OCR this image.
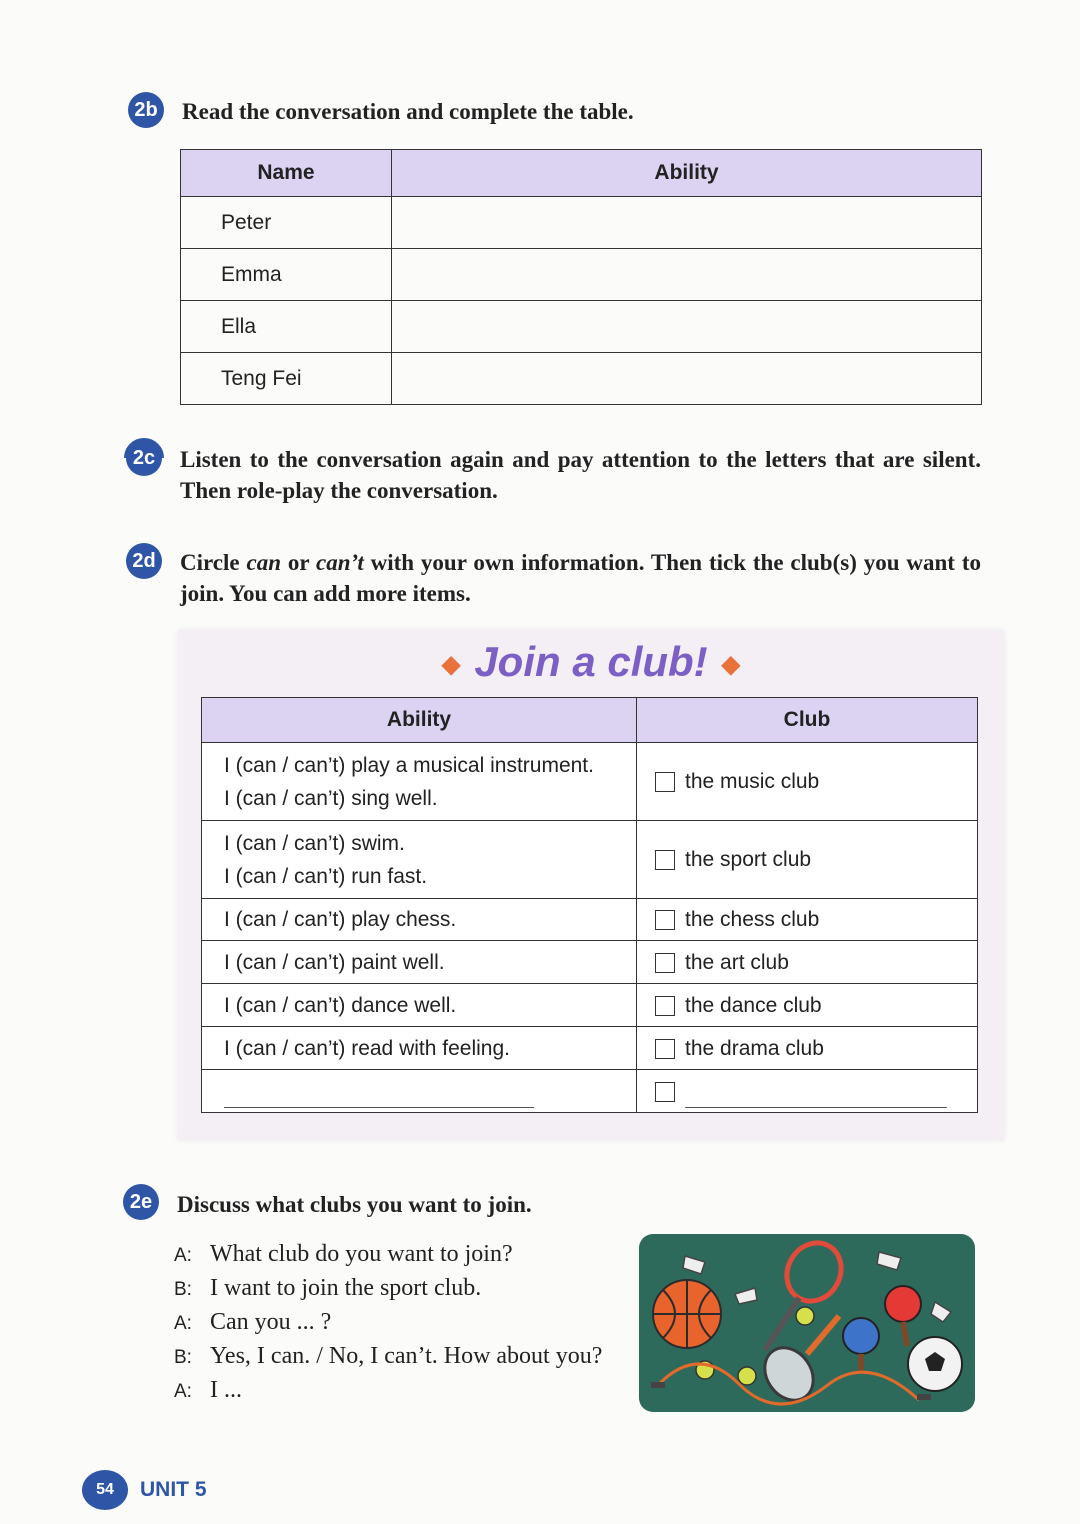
2b Read the conversation and complete the table.
Name	Ability
Peter	
Emma	
Ella	
Teng Fei	
2c Listen to the conversation again and pay attention to the letters that are silent. Then role-play the conversation.
2d Circle can or can’t with your own information. Then tick the club(s) you want to join. You can add more items.
◆ Join a club! ◆
Ability	Club

I (can / can’t) play a musical instrument.
I (can / can’t) sing well.	the music club

I (can / can’t) swim.
I (can / can’t) run fast.	the sport club

I (can / can’t) play chess.	the chess club

I (can / can’t) paint well.	the art club

I (can / can’t) dance well.	the dance club

I (can / can’t) read with feeling.	the drama club

2e Discuss what clubs you want to join.
A: What club do you want to join?
B: I want to join the sport club.
A: Can you ... ?
B: Yes, I can. / No, I can’t. How about you?
A: I ...
54	UNIT 5
